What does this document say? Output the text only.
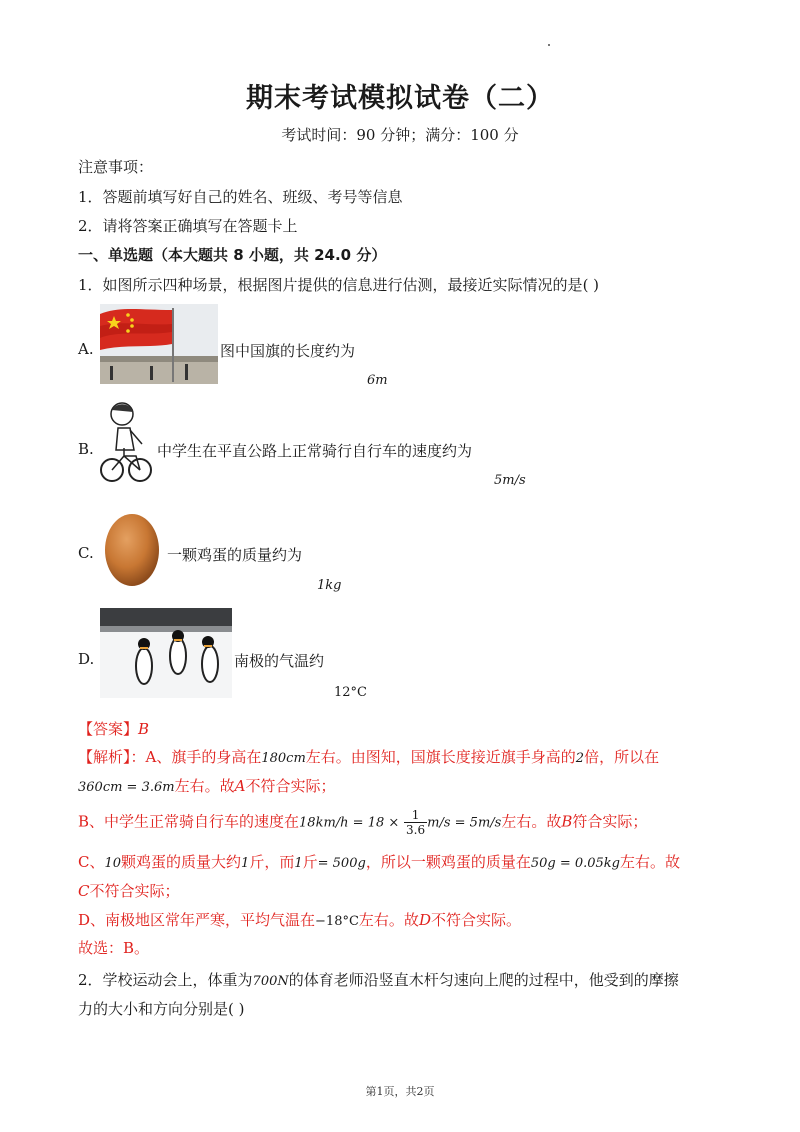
期末考试模拟试卷（二）
考试时间：90 分钟；满分：100 分
注意事项：
1．答题前填写好自己的姓名、班级、考号等信息
2．请将答案正确填写在答题卡上
一、单选题（本大题共 8 小题，共 24.0 分）
1．如图所示四种场景，根据图片提供的信息进行估测，最接近实际情况的是( )
A.	图中国旗的长度约为
6m
B.	中学生在平直公路上正常骑行自行车的速度约为
5m/s
C.	一颗鸡蛋的质量约为
1kg
D.	南极的气温约
12°C
【答案】B
【解析】：A、旗手的身高在180cm左右。由图知，国旗长度接近旗手身高的2倍，所以在
360cm = 3.6m左右。故A不符合实际；
B、中学生正常骑自行车的速度在$18km/h = 18 \times \frac{1}{3.6} m/s = 5m/s$左右。故B符合实际；
C、10颗鸡蛋的质量大约1斤，而1斤= 500g，所以一颗鸡蛋的质量在50g = 0.05kg左右。故
C不符合实际；
D、南极地区常年严寒，平均气温在−18°C左右。故D不符合实际。
故选：B。
2．学校运动会上，体重为700N的体育老师沿竖直木杆匀速向上爬的过程中，他受到的摩擦
力的大小和方向分别是( )
第1页，共2页
